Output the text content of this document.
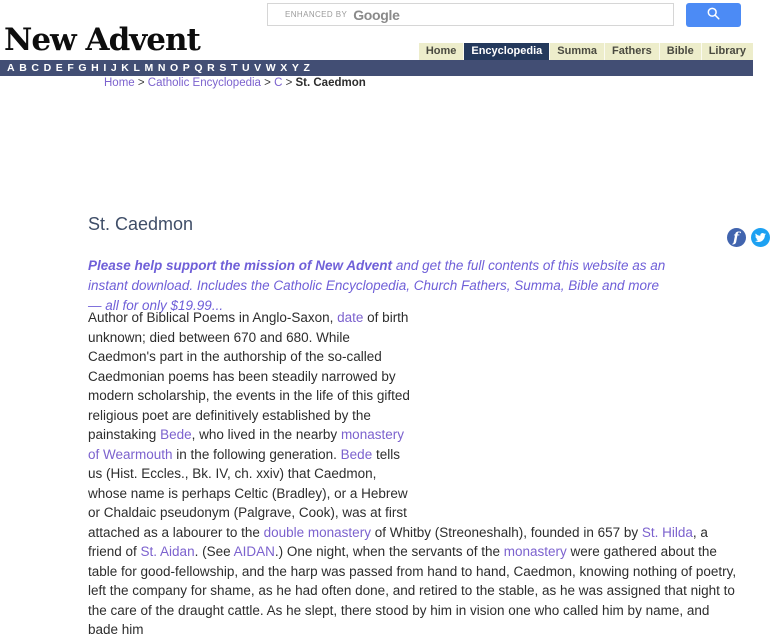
ENHANCED BY Google
New Advent	Home	Encyclopedia	Summa	Fathers	Bible	Library
A B C D E F G H I J K L M N O P Q R S T U V W X Y Z
Home > Catholic Encyclopedia > C > St. Caedmon
St. Caedmon
f

Please help support the mission of New Advent and get the full contents of this website as an instant download. Includes the Catholic Encyclopedia, Church Fathers, Summa, Bible and more — all for only $19.99...

Author of Biblical Poems in Anglo-Saxon, date of birth unknown; died between 670 and 680. While Caedmon's part in the authorship of the so-called Caedmonian poems has been steadily narrowed by modern scholarship, the events in the life of this gifted religious poet are definitively established by the painstaking Bede, who lived in the nearby monastery of Wearmouth in the following generation. Bede tells us (Hist. Eccles., Bk. IV, ch. xxiv) that Caedmon, whose name is perhaps Celtic (Bradley), or a Hebrew or Chaldaic pseudonym (Palgrave, Cook), was at first attached as a labourer to the double monastery of Whitby (Streoneshalh), founded in 657 by St. Hilda, a friend of St. Aidan. (See AIDAN.) One night, when the servants of the monastery were gathered about the table for good-fellowship, and the harp was passed from hand to hand, Caedmon, knowing nothing of poetry, left the company for shame, as he had often done, and retired to the stable, as he was assigned that night to the care of the draught cattle. As he slept, there stood by him in vision one who called him by name, and bade him
